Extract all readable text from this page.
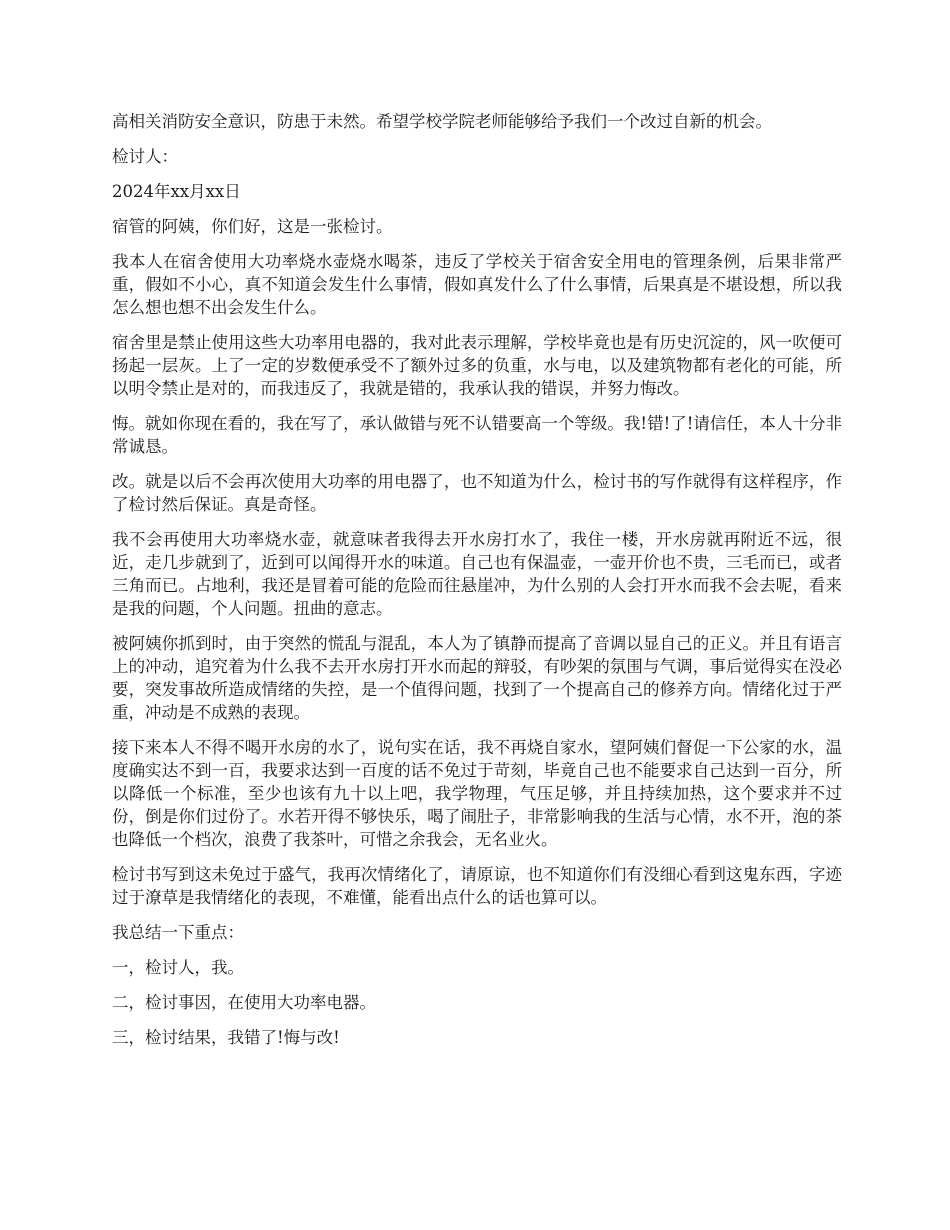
高相关消防安全意识，防患于未然。希望学校学院老师能够给予我们一个改过自新的机会。

检讨人：

2024年xx月xx日

宿管的阿姨，你们好，这是一张检讨。

我本人在宿舍使用大功率烧水壶烧水喝茶，违反了学校关于宿舍安全用电的管理条例，后果非常严重，假如不小心，真不知道会发生什么事情，假如真发什么了什么事情，后果真是不堪设想，所以我怎么想也想不出会发生什么。

宿舍里是禁止使用这些大功率用电器的，我对此表示理解，学校毕竟也是有历史沉淀的，风一吹便可扬起一层灰。上了一定的岁数便承受不了额外过多的负重，水与电，以及建筑物都有老化的可能，所以明令禁止是对的，而我违反了，我就是错的，我承认我的错误，并努力悔改。

悔。就如你现在看的，我在写了，承认做错与死不认错要高一个等级。我!错!了!请信任，本人十分非常诚恳。

改。就是以后不会再次使用大功率的用电器了，也不知道为什么，检讨书的写作就得有这样程序，作了检讨然后保证。真是奇怪。

我不会再使用大功率烧水壶，就意味者我得去开水房打水了，我住一楼，开水房就再附近不远，很近，走几步就到了，近到可以闻得开水的味道。自己也有保温壶，一壶开价也不贵，三毛而已，或者三角而已。占地利，我还是冒着可能的危险而往悬崖冲，为什么别的人会打开水而我不会去呢，看来是我的问题，个人问题。扭曲的意志。

被阿姨你抓到时，由于突然的慌乱与混乱，本人为了镇静而提高了音调以显自己的正义。并且有语言上的冲动，追究着为什么我不去开水房打开水而起的辩驳，有吵架的氛围与气调，事后觉得实在没必要，突发事故所造成情绪的失控，是一个值得问题，找到了一个提高自己的修养方向。情绪化过于严重，冲动是不成熟的表现。

接下来本人不得不喝开水房的水了，说句实在话，我不再烧自家水，望阿姨们督促一下公家的水，温度确实达不到一百，我要求达到一百度的话不免过于苛刻，毕竟自己也不能要求自己达到一百分，所以降低一个标准，至少也该有九十以上吧，我学物理，气压足够，并且持续加热，这个要求并不过份，倒是你们过份了。水若开得不够快乐，喝了闹肚子，非常影响我的生活与心情，水不开，泡的茶也降低一个档次，浪费了我茶叶，可惜之余我会，无名业火。

检讨书写到这未免过于盛气，我再次情绪化了，请原谅，也不知道你们有没细心看到这鬼东西，字迹过于潦草是我情绪化的表现，不难懂，能看出点什么的话也算可以。

我总结一下重点：

一，检讨人，我。

二，检讨事因，在使用大功率电器。

三，检讨结果，我错了!悔与改!
